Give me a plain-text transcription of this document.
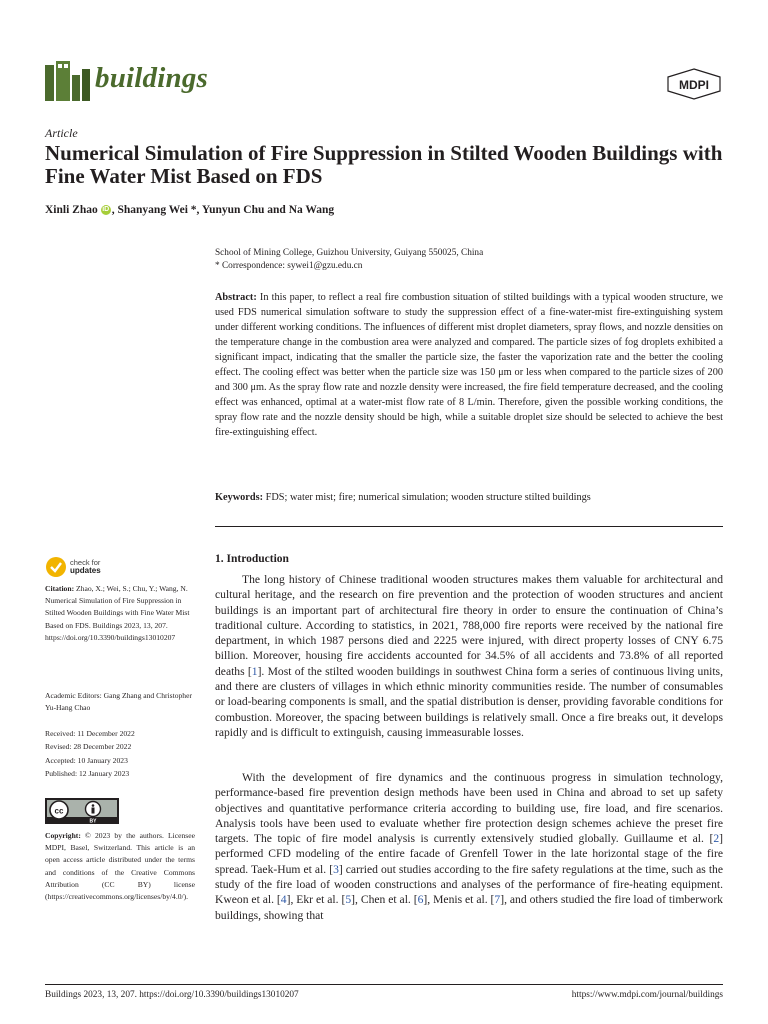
buildings	MDPI
Article
Numerical Simulation of Fire Suppression in Stilted Wooden Buildings with Fine Water Mist Based on FDS
Xinli Zhao iD , Shanyang Wei *, Yunyun Chu and Na Wang
School of Mining College, Guizhou University, Guiyang 550025, China
* Correspondence: sywei1@gzu.edu.cn
Abstract: In this paper, to reflect a real fire combustion situation of stilted buildings with a typical wooden structure, we used FDS numerical simulation software to study the suppression effect of a fine-water-mist fire-extinguishing system under different working conditions. The influences of different mist droplet diameters, spray flows, and nozzle densities on the temperature change in the combustion area were analyzed and compared. The particle sizes of fog droplets exhibited a significant impact, indicating that the smaller the particle size, the faster the vaporization rate and the better the cooling effect. The cooling effect was better when the particle size was 150 μm or less when compared to the particle sizes of 200 and 300 μm. As the spray flow rate and nozzle density were increased, the fire field temperature decreased, and the cooling effect was enhanced, optimal at a water-mist flow rate of 8 L/min. Therefore, given the possible working conditions, the spray flow rate and the nozzle density should be high, while a suitable droplet size should be selected to achieve the best fire-extinguishing effect.
Keywords: FDS; water mist; fire; numerical simulation; wooden structure stilted buildings
check for
updates
Citation: Zhao, X.; Wei, S.; Chu, Y.; Wang, N. Numerical Simulation of Fire Suppression in Stilted Wooden Buildings with Fine Water Mist Based on FDS. Buildings 2023, 13, 207. https://doi.org/10.3390/buildings13010207
Academic Editors: Gang Zhang and Christopher Yu-Hang Chao
Received: 11 December 2022
Revised: 28 December 2022
Accepted: 10 January 2023
Published: 12 January 2023
cc
BY
Copyright: © 2023 by the authors. Licensee MDPI, Basel, Switzerland. This article is an open access article distributed under the terms and conditions of the Creative Commons Attribution (CC BY) license (https://creativecommons.org/licenses/by/4.0/).
1. Introduction
The long history of Chinese traditional wooden structures makes them valuable for architectural and cultural heritage, and the research on fire prevention and the protection of wooden structures and ancient buildings is an important part of architectural fire theory in order to ensure the continuation of China’s traditional culture. According to statistics, in 2021, 788,000 fire reports were received by the national fire department, in which 1987 persons died and 2225 were injured, with direct property losses of CNY 6.75 billion. Moreover, housing fire accidents accounted for 34.5% of all accidents and 73.8% of all reported deaths [1]. Most of the stilted wooden buildings in southwest China form a series of continuous living units, and there are clusters of villages in which ethnic minority communities reside. The number of consumables or load-bearing components is small, and the spatial distribution is denser, providing favorable conditions for combustion. Moreover, the spacing between buildings is relatively small. Once a fire breaks out, it develops rapidly and is difficult to extinguish, causing immeasurable losses.
With the development of fire dynamics and the continuous progress in simulation technology, performance-based fire prevention design methods have been used in China and abroad to set up safety objectives and quantitative performance criteria according to building use, fire load, and fire scenarios. Analysis tools have been used to evaluate whether fire protection design schemes achieve the preset fire targets. The topic of fire model analysis is currently extensively studied globally. Guillaume et al. [2] performed CFD modeling of the entire facade of Grenfell Tower in the late horizontal stage of the fire spread. Taek-Hum et al. [3] carried out studies according to the fire safety regulations at the time, such as the study of the fire load of wooden constructions and analyses of the performance of fire-heating equipment. Kweon et al. [4], Ekr et al. [5], Chen et al. [6], Menis et al. [7], and others studied the fire load of timberwork buildings, showing that
Buildings 2023, 13, 207. https://doi.org/10.3390/buildings13010207	https://www.mdpi.com/journal/buildings
